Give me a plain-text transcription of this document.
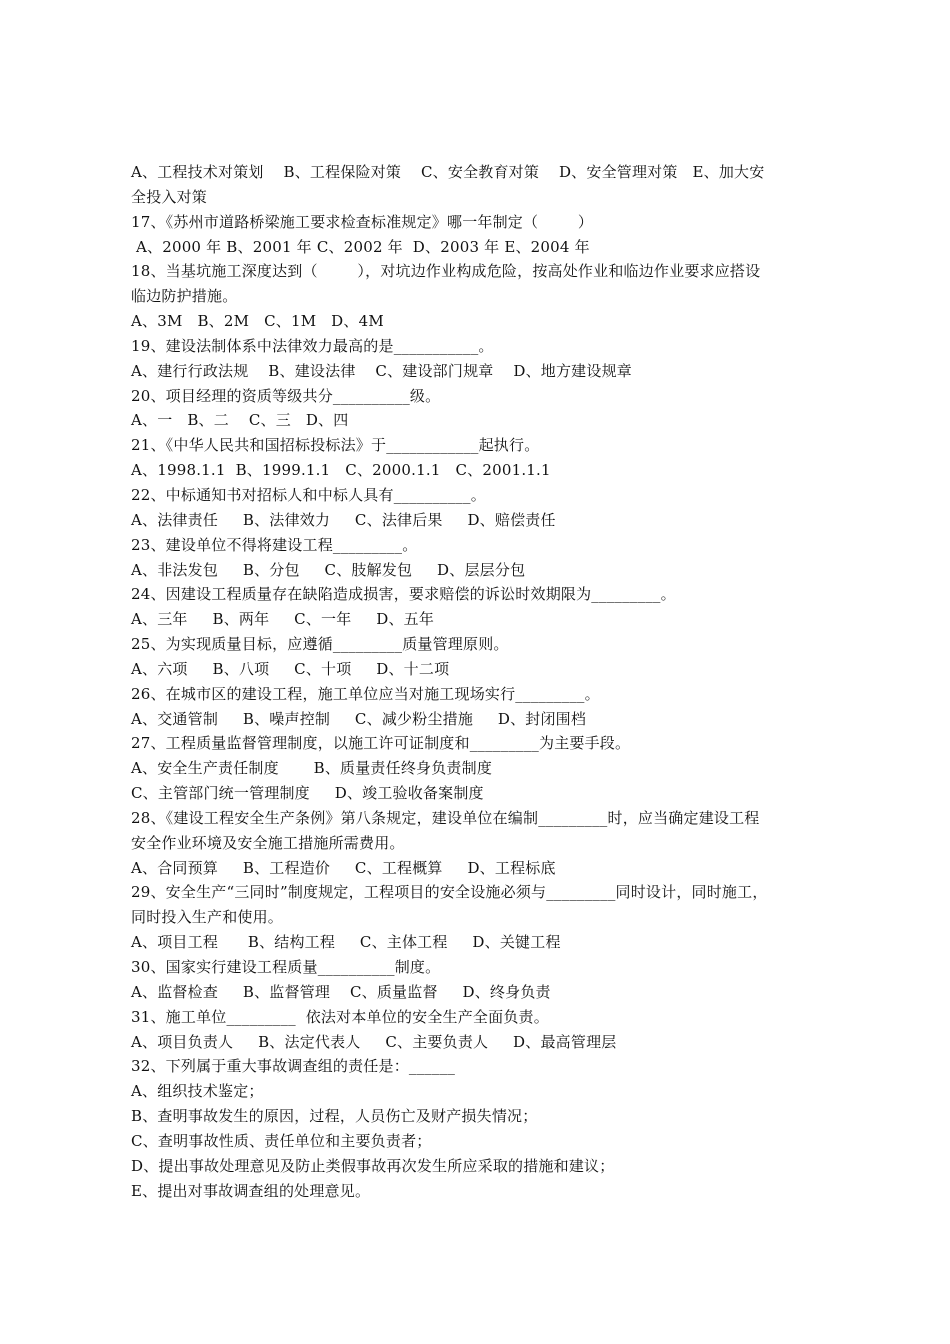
A、工程技术对策划    B、工程保险对策    C、安全教育对策    D、安全管理对策   E、加大安
全投入对策
17、《苏州市道路桥梁施工要求检查标准规定》哪一年制定（        ）
A、2000 年 B、2001 年 C、2002 年  D、2003 年 E、2004 年
18、当基坑施工深度达到（        ），对坑边作业构成危险，按高处作业和临边作业要求应搭设
临边防护措施。
A、3M   B、2M   C、1M   D、4M
19、建设法制体系中法律效力最高的是___________。
A、建行行政法规    B、建设法律    C、建设部门规章    D、地方建设规章
20、项目经理的资质等级共分__________级。
A、一   B、二    C、三   D、四
21、《中华人民共和国招标投标法》于____________起执行。
A、1998.1.1  B、1999.1.1   C、2000.1.1   C、2001.1.1
22、中标通知书对招标人和中标人具有__________。
A、法律责任     B、法律效力     C、法律后果     D、赔偿责任
23、建设单位不得将建设工程_________。
A、非法发包     B、分包     C、肢解发包     D、层层分包
24、因建设工程质量存在缺陷造成损害，要求赔偿的诉讼时效期限为_________。
A、三年     B、两年     C、一年     D、五年
25、为实现质量目标，应遵循_________质量管理原则。
A、六项     B、八项     C、十项     D、十二项
26、在城市区的建设工程，施工单位应当对施工现场实行_________。
A、交通管制     B、噪声控制     C、减少粉尘措施     D、封闭围档
27、工程质量监督管理制度，以施工许可证制度和_________为主要手段。
A、安全生产责任制度       B、质量责任终身负责制度
C、主管部门统一管理制度     D、竣工验收备案制度
28、《建设工程安全生产条例》第八条规定，建设单位在编制_________时，应当确定建设工程
安全作业环境及安全施工措施所需费用。
A、合同预算     B、工程造价     C、工程概算     D、工程标底
29、安全生产“三同时”制度规定，工程项目的安全设施必须与_________同时设计，同时施工，
同时投入生产和使用。
A、项目工程      B、结构工程     C、主体工程     D、关键工程
30、国家实行建设工程质量__________制度。
A、监督检查     B、监督管理    C、质量监督     D、终身负责
31、施工单位_________  依法对本单位的安全生产全面负责。
A、项目负责人     B、法定代表人     C、主要负责人     D、最高管理层
32、下列属于重大事故调查组的责任是：______
A、组织技术鉴定；
B、查明事故发生的原因，过程，人员伤亡及财产损失情况；
C、查明事故性质、责任单位和主要负责者；
D、提出事故处理意见及防止类假事故再次发生所应采取的措施和建议；
E、提出对事故调查组的处理意见。
